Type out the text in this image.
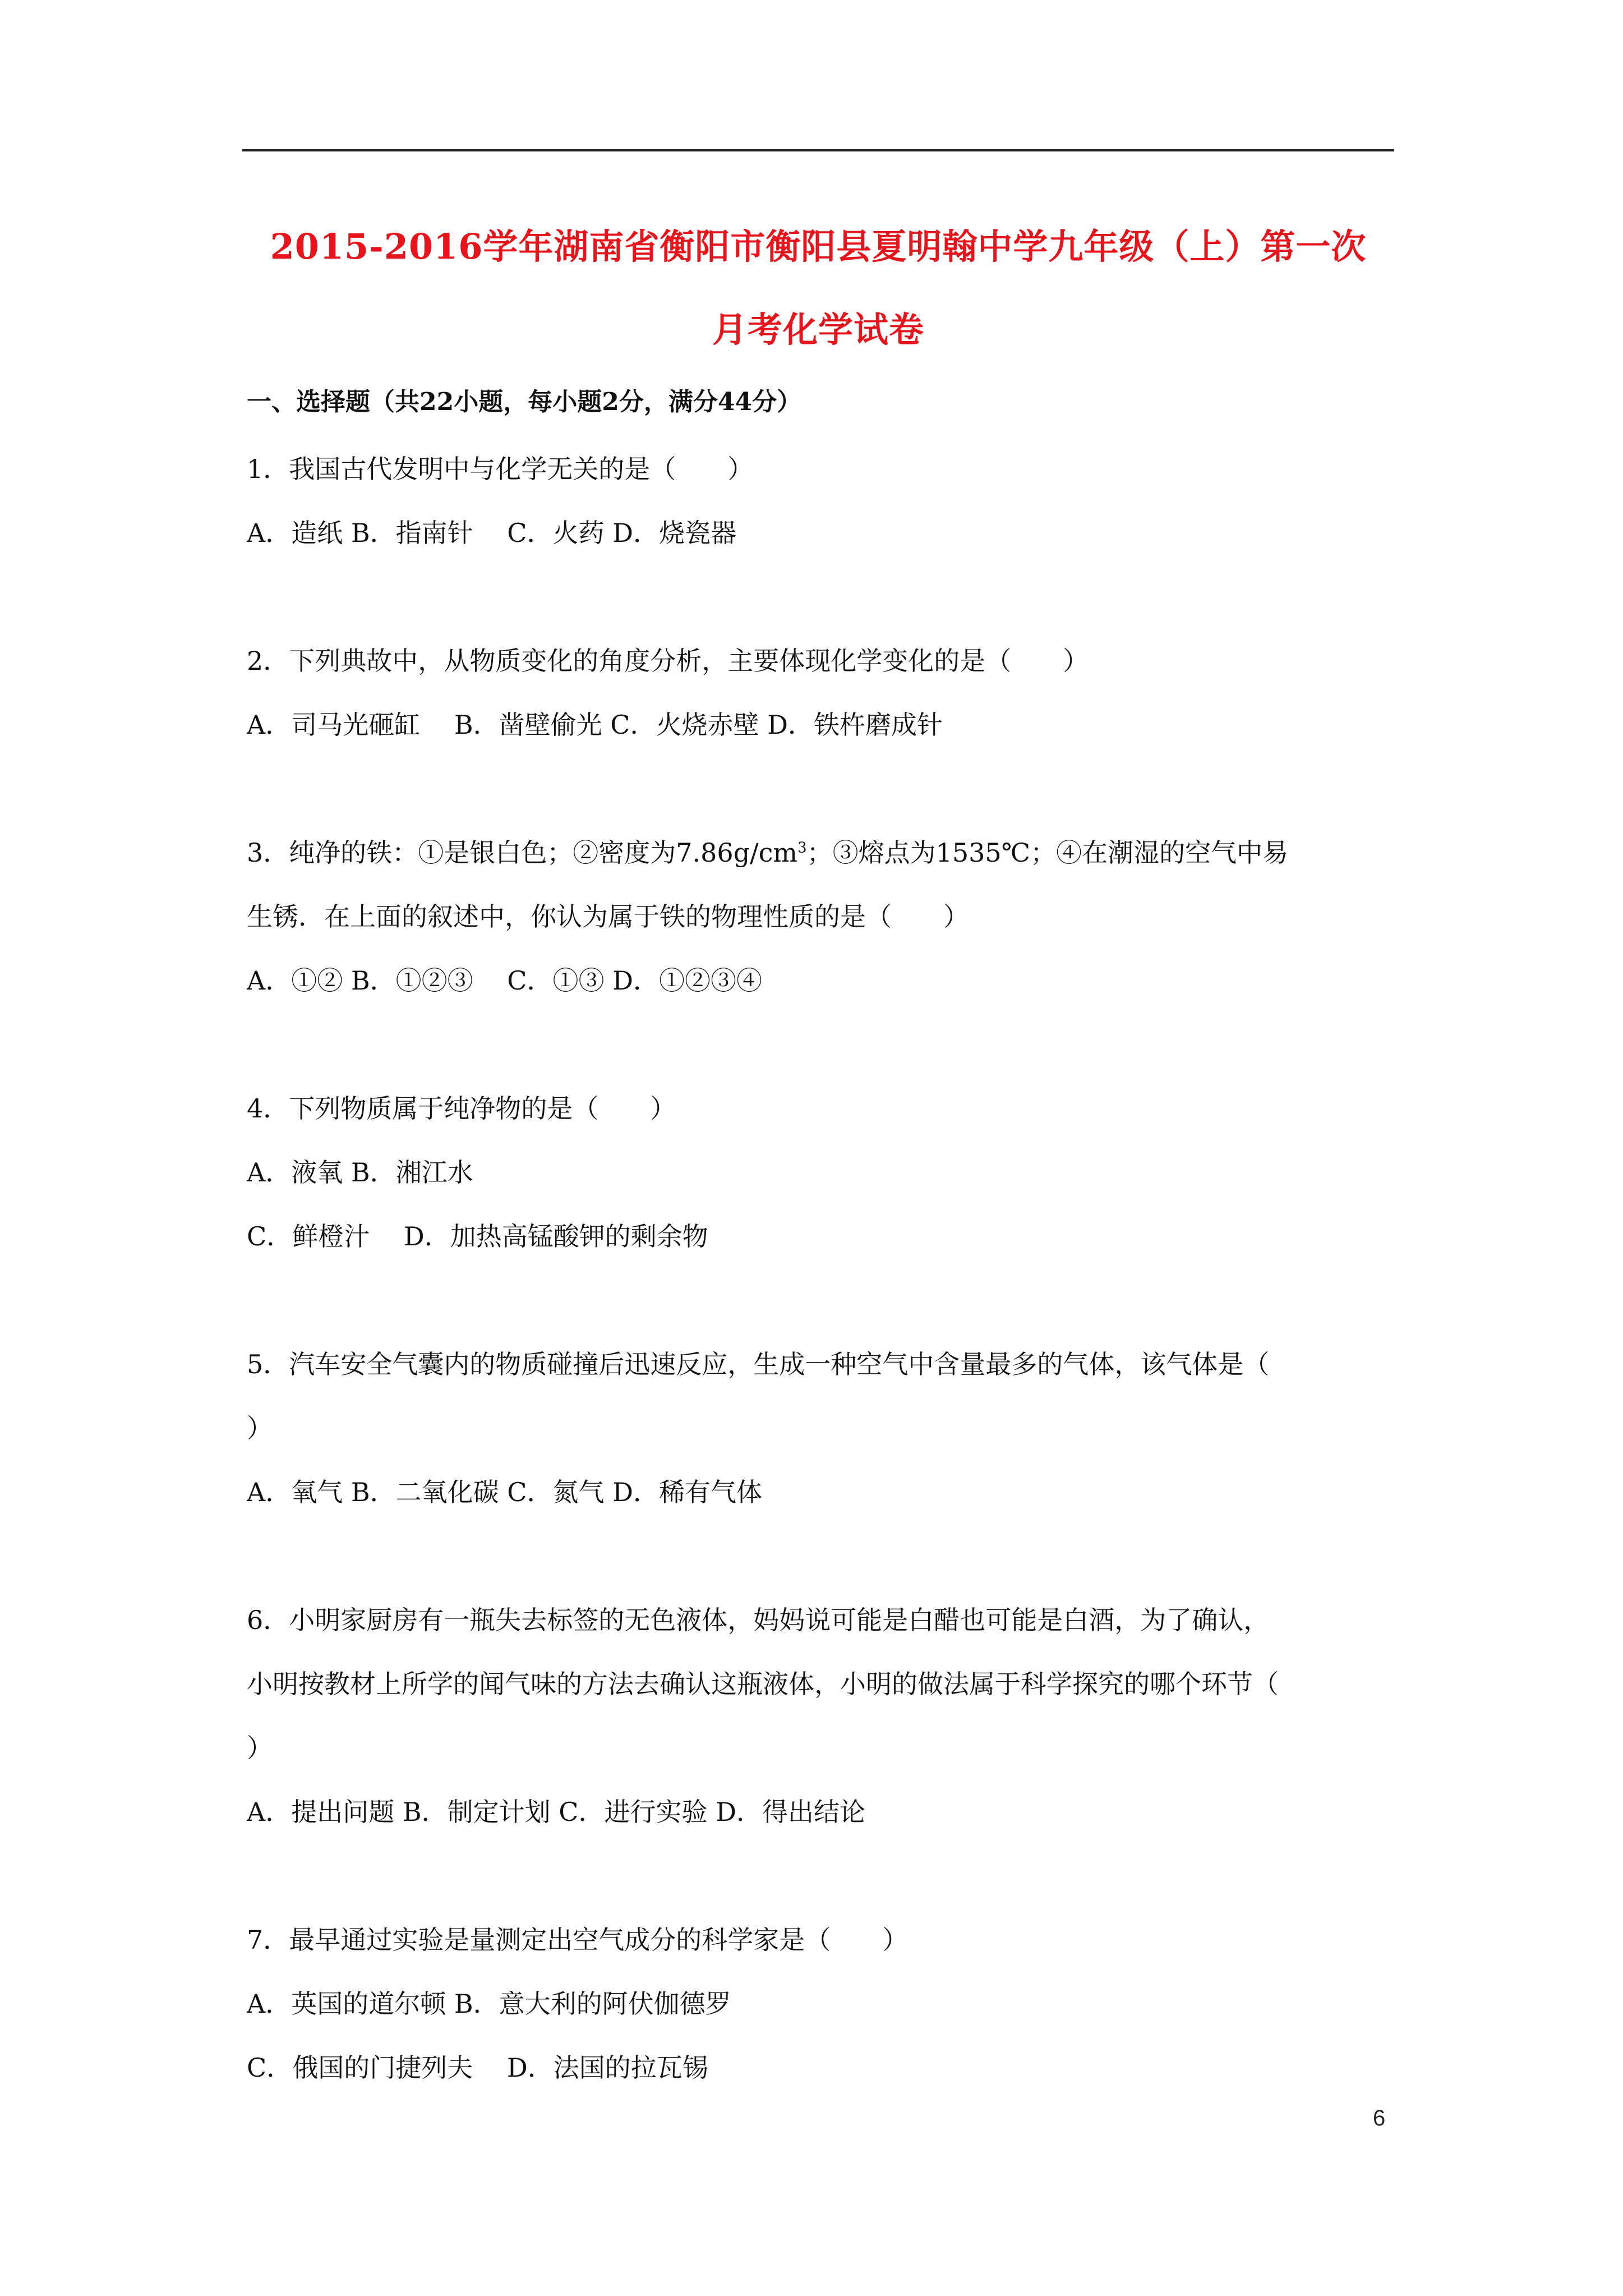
2015-2016学年湖南省衡阳市衡阳县夏明翰中学九年级（上）第一次
月考化学试卷
一、选择题（共22小题，每小题2分，满分44分）
1．我国古代发明中与化学无关的是（　　）
A．造纸 B．指南针　 C．火药 D．烧瓷器
2．下列典故中，从物质变化的角度分析，主要体现化学变化的是（　　）
A．司马光砸缸　 B．凿壁偷光 C．火烧赤壁 D．铁杵磨成针
3．纯净的铁：①是银白色；②密度为$7.86g/cm^3$；③熔点为1535℃；④在潮湿的空气中易
生锈．在上面的叙述中，你认为属于铁的物理性质的是（　　）
A．①② B．①②③　 C．①③ D．①②③④
4．下列物质属于纯净物的是（　　）
A．液氧 B．湘江水
C．鲜橙汁　 D．加热高锰酸钾的剩余物
5．汽车安全气囊内的物质碰撞后迅速反应，生成一种空气中含量最多的气体，该气体是（
）
A．氧气 B．二氧化碳 C．氮气 D．稀有气体
6．小明家厨房有一瓶失去标签的无色液体，妈妈说可能是白醋也可能是白酒，为了确认，
小明按教材上所学的闻气味的方法去确认这瓶液体，小明的做法属于科学探究的哪个环节（
）
A．提出问题 B．制定计划 C．进行实验 D．得出结论
7．最早通过实验是量测定出空气成分的科学家是（　　）
A．英国的道尔顿 B．意大利的阿伏伽德罗
C．俄国的门捷列夫　 D．法国的拉瓦锡
6
